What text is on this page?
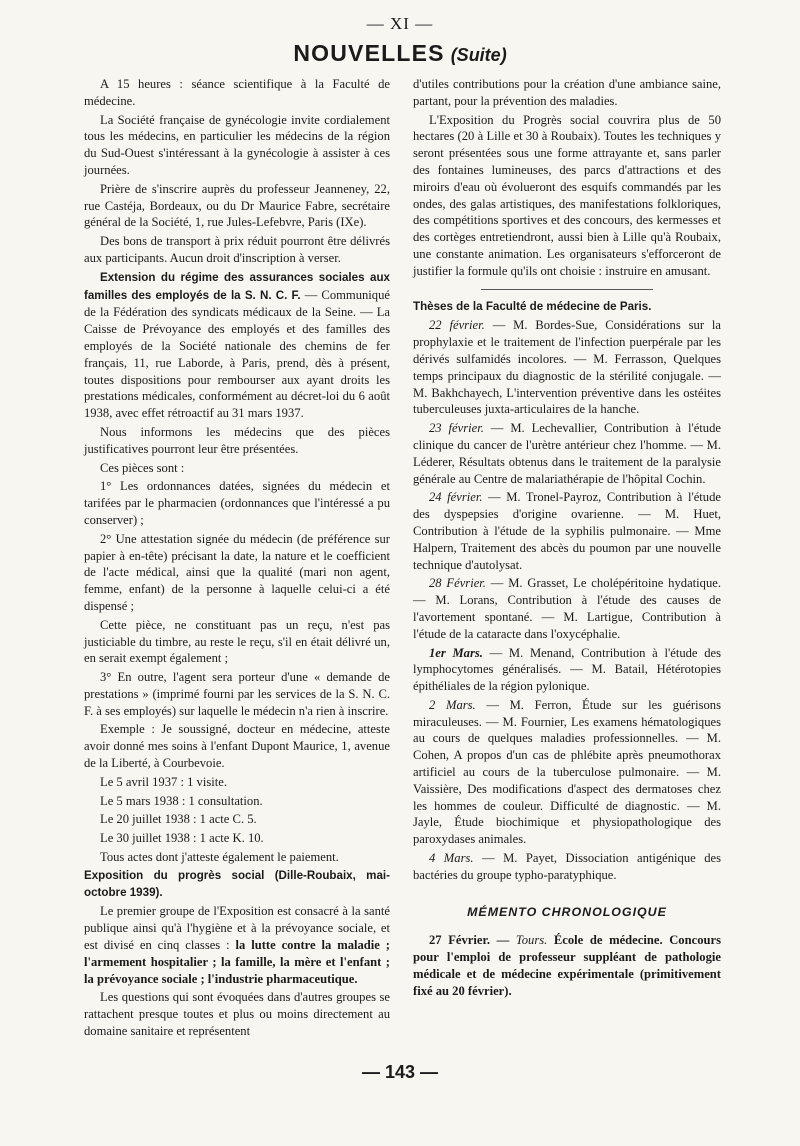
— XI —
NOUVELLES (Suite)

A 15 heures : séance scientifique à la Faculté de médecine.

La Société française de gynécologie invite cordialement tous les médecins, en particulier les médecins de la région du Sud-Ouest s'intéressant à la gynécologie à assister à ces journées.

Prière de s'inscrire auprès du professeur Jeanneney, 22, rue Castéja, Bordeaux, ou du Dr Maurice Fabre, secrétaire général de la Société, 1, rue Jules-Lefebvre, Paris (IXe).

Des bons de transport à prix réduit pourront être délivrés aux participants. Aucun droit d'inscription à verser.

Extension du régime des assurances sociales aux familles des employés de la S. N. C. F. — Communiqué de la Fédération des syndicats médicaux de la Seine. — La Caisse de Prévoyance des employés et des familles des employés de la Société nationale des chemins de fer français, 11, rue Laborde, à Paris, prend, dès à présent, toutes dispositions pour rembourser aux ayant droits les prestations médicales, conformément au décret-loi du 6 août 1938, avec effet rétroactif au 31 mars 1937.

Nous informons les médecins que des pièces justificatives pourront leur être présentées.

Ces pièces sont :

1° Les ordonnances datées, signées du médecin et tarifées par le pharmacien (ordonnances que l'intéressé a pu conserver) ;

2° Une attestation signée du médecin (de préférence sur papier à en-tête) précisant la date, la nature et le coefficient de l'acte médical, ainsi que la qualité (mari non agent, femme, enfant) de la personne à laquelle celui-ci a été dispensé ;

Cette pièce, ne constituant pas un reçu, n'est pas justiciable du timbre, au reste le reçu, s'il en était délivré un, en serait exempt également ;

3° En outre, l'agent sera porteur d'une « demande de prestations » (imprimé fourni par les services de la S. N. C. F. à ses employés) sur laquelle le médecin n'a rien à inscrire.

Exemple : Je soussigné, docteur en médecine, atteste avoir donné mes soins à l'enfant Dupont Maurice, 1, avenue de la Liberté, à Courbevoie.

Le 5 avril 1937 : 1 visite.

Le 5 mars 1938 : 1 consultation.

Le 20 juillet 1938 : 1 acte C. 5.

Le 30 juillet 1938 : 1 acte K. 10.

Tous actes dont j'atteste également le paiement.

Exposition du progrès social (Dille-Roubaix, mai-octobre 1939).

Le premier groupe de l'Exposition est consacré à la santé publique ainsi qu'à l'hygiène et à la prévoyance sociale, et est divisé en cinq classes : la lutte contre la maladie ; l'armement hospitalier ; la famille, la mère et l'enfant ; la prévoyance sociale ; l'industrie pharmaceutique.

Les questions qui sont évoquées dans d'autres groupes se rattachent presque toutes et plus ou moins directement au domaine sanitaire et représentent

d'utiles contributions pour la création d'une ambiance saine, partant, pour la prévention des maladies.

L'Exposition du Progrès social couvrira plus de 50 hectares (20 à Lille et 30 à Roubaix). Toutes les techniques y seront présentées sous une forme attrayante et, sans parler des fontaines lumineuses, des parcs d'attractions et des miroirs d'eau où évolueront des esquifs commandés par les ondes, des galas artistiques, des manifestations folkloriques, des compétitions sportives et des concours, des kermesses et des cortèges entretiendront, aussi bien à Lille qu'à Roubaix, une constante animation. Les organisateurs s'efforceront de justifier la formule qu'ils ont choisie : instruire en amusant.

Thèses de la Faculté de médecine de Paris.

22 février. — M. Bordes-Sue, Considérations sur la prophylaxie et le traitement de l'infection puerpérale par les dérivés sulfamidés incolores. — M. Ferrasson, Quelques temps principaux du diagnostic de la stérilité conjugale. — M. Bakhchayech, L'intervention préventive dans les ostéites tuberculeuses juxta-articulaires de la hanche.

23 février. — M. Lechevallier, Contribution à l'étude clinique du cancer de l'urètre antérieur chez l'homme. — M. Léderer, Résultats obtenus dans le traitement de la paralysie générale au Centre de malariathérapie de l'hôpital Cochin.

24 février. — M. Tronel-Payroz, Contribution à l'étude des dyspepsies d'origine ovarienne. — M. Huet, Contribution à l'étude de la syphilis pulmonaire. — Mme Halpern, Traitement des abcès du poumon par une nouvelle technique d'autolysat.

28 Février. — M. Grasset, Le cholépéritoine hydatique. — M. Lorans, Contribution à l'étude des causes de l'avortement spontané. — M. Lartigue, Contribution à l'étude de la cataracte dans l'oxycéphalie.

1er Mars. — M. Menand, Contribution à l'étude des lymphocytomes généralisés. — M. Batail, Hétérotopies épithéliales de la région pylonique.

2 Mars. — M. Ferron, Étude sur les guérisons miraculeuses. — M. Fournier, Les examens hématologiques au cours de quelques maladies professionnelles. — M. Cohen, A propos d'un cas de phlébite après pneumothorax artificiel au cours de la tuberculose pulmonaire. — M. Vaissière, Des modifications d'aspect des dermatoses chez les hommes de couleur. Difficulté de diagnostic. — M. Jayle, Étude biochimique et physiopathologique des paroxydases animales.

4 Mars. — M. Payet, Dissociation antigénique des bactéries du groupe typho-paratyphique.

MÉMENTO CHRONOLOGIQUE

27 Février. — Tours. École de médecine. Concours pour l'emploi de professeur suppléant de pathologie médicale et de médecine expérimentale (primitivement fixé au 20 février).

— 143 —
